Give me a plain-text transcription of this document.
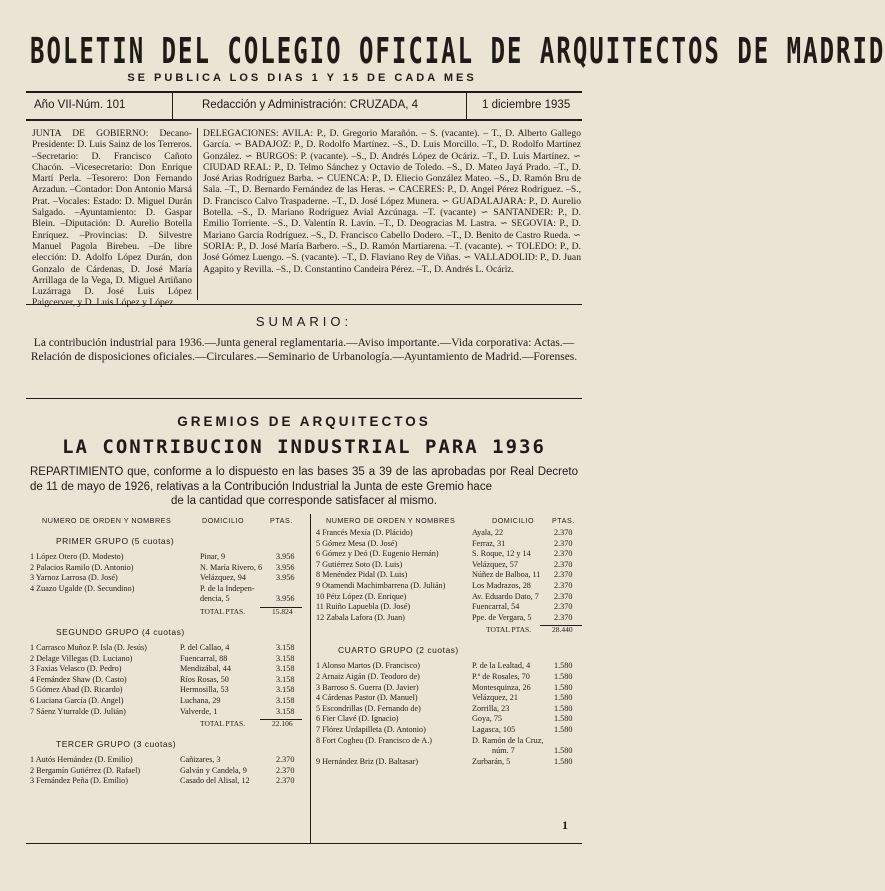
BOLETIN DEL COLEGIO OFICIAL DE ARQUITECTOS DE MADRID
SE PUBLICA LOS DIAS 1 Y 15 DE CADA MES
Año VII-Núm. 101	Redacción y Administración: CRUZADA, 4	1 diciembre 1935
JUNTA DE GOBIERNO: Decano-Presidente: D. Luis Sainz de los Terreros. –Secretario: D. Francisco Cañoto Chacón. –Vicesecretario: Don Enrique Martí Perla. –Tesorero: Don Fernando Arzadun. –Contador: Don Antonio Marsá Prat. –Vocales: Estado: D. Miguel Durán Salgado. –Ayuntamiento: D. Gaspar Blein. –Diputación: D. Aurelio Botella Enríquez. –Provincias: D. Silvestre Manuel Pagola Birebeu. –De libre elección: D. Adolfo López Durán, don Gonzalo de Cárdenas, D. José María Arrillaga de la Vega, D. Miguel Artiñano Luzárraga D. José Luis López Paigcerver, y D. Luis López y López.
DELEGACIONES: AVILA: P., D. Gregorio Marañón. – S. (vacante). – T., D. Alberto Gallego García. ∽ BADAJOZ: P., D. Rodolfo Martínez. –S., D. Luis Morcillo. –T., D. Rodolfo Martínez González. ∽ BURGOS: P. (vacante). –S., D. Andrés López de Ocáriz. –T., D. Luis Martínez. ∽ CIUDAD REAL: P., D. Telmo Sánchez y Octavio de Toledo. –S., D. Mateo Jayá Prado. –T., D. José Arias Rodríguez Barba. ∽ CUENCA: P., D. Eliecio González Mateo. –S., D. Ramón Bru de Sala. –T., D. Bernardo Fernández de las Heras. ∽ CACERES: P., D. Angel Pérez Rodríguez. –S., D. Francisco Calvo Traspaderne. –T., D. José López Munera. ∽ GUADALAJARA: P., D. Aurelio Botella. –S., D. Mariano Rodríguez Avial Azcúnaga. –T. (vacante) ∽ SANTANDER: P., D. Emilio Torriente. –S., D. Valentín R. Lavín. –T., D. Deogracias M. Lastra. ∽ SEGOVIA: P., D. Mariano García Rodríguez. –S., D. Francisco Cabello Dodero. –T., D. Benito de Castro Rueda. ∽ SORIA: P., D. José María Barbero. –S., D. Ramón Martiarena. –T. (vacante). ∽ TOLEDO: P., D. José Gómez Luengo. –S. (vacante). –T., D. Flaviano Rey de Viñas. ∽ VALLADOLID: P., D. Juan Agapito y Revilla. –S., D. Constantino Candeira Pérez. –T., D. Andrés L. Ocáriz.
SUMARIO:
La contribución industrial para 1936.—Junta general reglamentaria.—Aviso importante.—Vida corporativa: Actas.—Relación de disposiciones oficiales.—Circulares.—Seminario de Urbanología.—Ayuntamiento de Madrid.—Forenses.
GREMIOS DE ARQUITECTOS
LA CONTRIBUCION INDUSTRIAL PARA 1936
REPARTIMIENTO que, conforme a lo dispuesto en las bases 35 a 39 de las aprobadas por Real Decreto de 11 de mayo de 1926, relativas a la Contribución Industrial la Junta de este Gremio hace
de la cantidad que corresponde satisfacer al mismo.
NUMERO DE ORDEN Y NOMBRES	DOMICILIO	PTAS.
PRIMER GRUPO (5 cuotas)
1 López Otero (D. Modesto)	Pinar, 9	3.956
2 Palacios Ramilo (D. Antonio)	N. María Rivero, 6 3.956
3 Yarnoz Larrosa (D. José)	Velázquez, 94	3.956
4 Zuazo Ugalde (D. Secundino)	P. de la Indepen-
dencia, 5	3.956
TOTAL PTAS.	15.824
SEGUNDO GRUPO (4 cuotas)
1 Carrasco Muñoz P. Isla (D. Jesús)	P. del Callao, 4	3.158
2 Delage Villegas (D. Luciano)	Fuencarral, 88	3.158
3 Faxias Velasco (D. Pedro)	Mendizábal, 44	3.158
4 Fernández Shaw (D. Casto)	Ríos Rosas, 50	3.158
5 Gómez Abad (D. Ricardo)	Hermosilla, 53	3.158
6 Luciana García (D. Angel)	Luchana, 29	3.158
7 Sáenz Yturralde (D. Julián)	Valverde, 1	3.158
TOTAL PTAS.	22.106
TERCER GRUPO (3 cuotas)
1 Autós Hernández (D. Emilio)	Cañizares, 3	2.370
2 Bergamín Gutiérrez (D. Rafael)	Galván y Candela, 9	2.370
3 Fernández Peña (D. Emilio)	Casado del Alisal, 12	2.370
NUMERO DE ORDEN Y NOMBRES	DOMICILIO PTAS.
4 Francés Mexía (D. Plácido)	Ayala, 22	2.370
5 Gómez Mesa (D. José)	Ferraz, 31	2.370
6 Gómez y Deó (D. Eugenio Hernán)	S. Roque, 12 y 14	2.370
7 Gutiérrez Soto (D. Luis)	Velázquez, 57	2.370
8 Menéndez Pidal (D. Luis)	Núñez de Balboa, 11 2.370
9 Otamendi Machimbarrena (D. Julián)	Los Madrazos, 28	2.370
10 Pétz López (D. Enrique)	Av. Eduardo Dato, 7 2.370
11 Ruiño Lapuebla (D. José)	Fuencarral, 54	2.370
12 Zabala Lafora (D. Juan)	Ppe. de Vergara, 5	2.370
TOTAL PTAS.	28.440
CUARTO GRUPO (2 cuotas)
1 Alonso Martos (D. Francisco)	P. de la Lealtad, 4	1.580
2 Arnaiz Aigán (D. Teodoro de)	P.º de Rosales, 70	1.580
3 Barroso S. Guerra (D. Javier)	Montesquinza, 26	1.580
4 Cárdenas Pastor (D. Manuel)	Velázquez, 21	1.580
5 Escondrillas (D. Fernando de)	Zorrilla, 23	1.580
6 Fier Clavé (D. Ignacio)	Goya, 75	1.580
7 Flórez Urdapilleta (D. Antonio)	Lagasca, 105	1.580
8 Fort Cogheu (D. Francisco de A.)	D. Ramón de la Cruz,
núm. 7	1.580
9 Hernández Briz (D. Baltasar)	Zurbarán, 5	1.580
1
